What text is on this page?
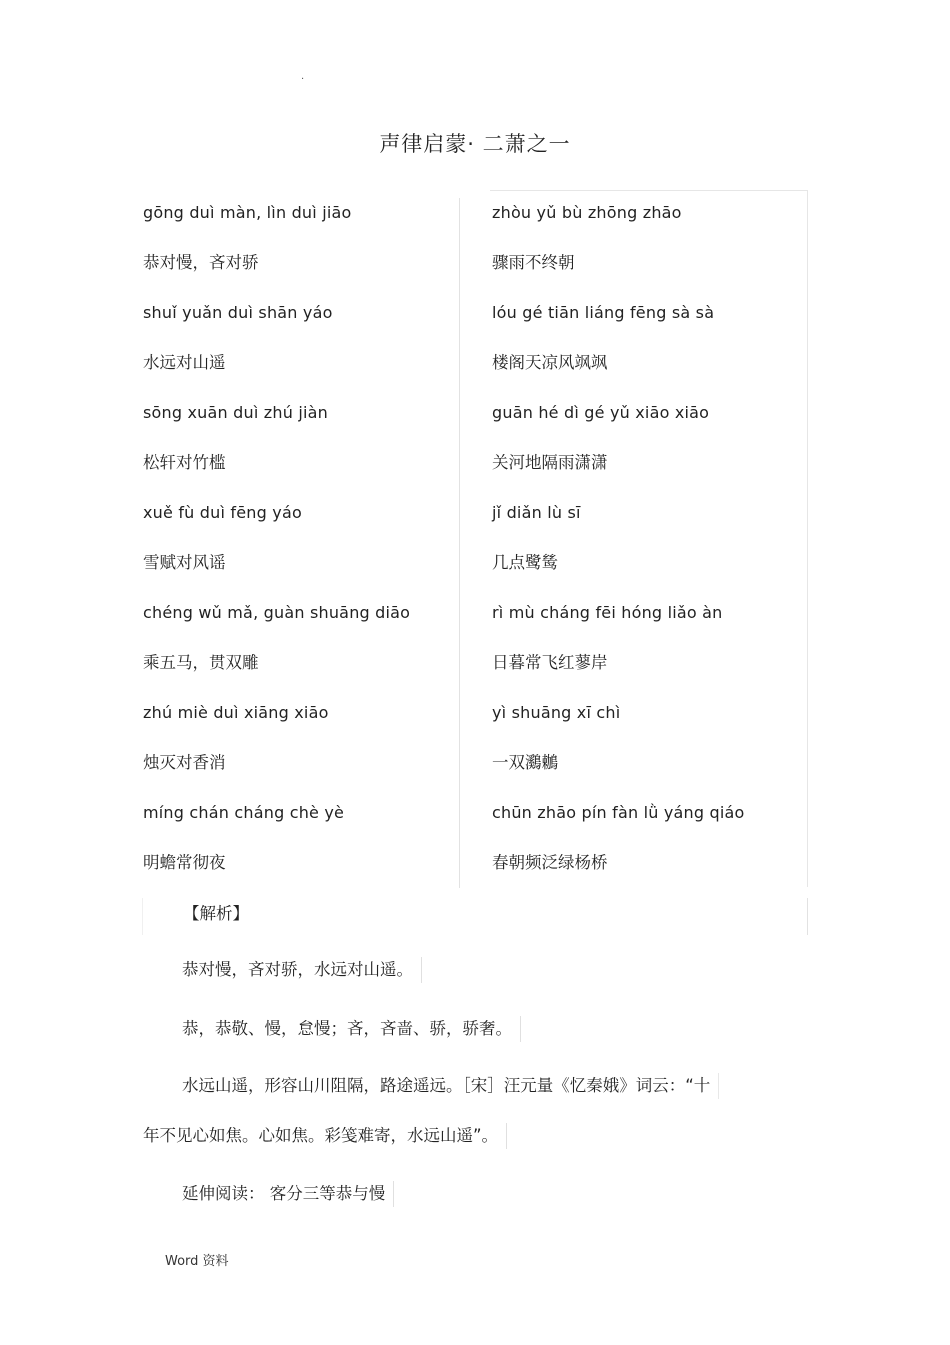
·
声律启蒙· 二萧之一
gōng duì màn, lìn duì jiāo
恭对慢，吝对骄
shuǐ yuǎn duì shān yáo
水远对山遥
sōng xuān duì zhú jiàn
松轩对竹槛
xuě fù duì fēng yáo
雪赋对风谣
chéng wǔ mǎ, guàn shuāng diāo
乘五马，贯双雕
zhú miè duì xiāng xiāo
烛灭对香消
míng chán cháng chè yè
明蟾常彻夜
zhòu yǔ bù zhōng zhāo
骤雨不终朝
lóu gé tiān liáng fēng sà sà
楼阁天凉风飒飒
guān hé dì gé yǔ xiāo xiāo
关河地隔雨潇潇
jǐ diǎn lù sī
几点鹭鸶
rì mù cháng fēi hóng liǎo àn
日暮常飞红蓼岸
yì shuāng xī chì
一双鸂鶒
chūn zhāo pín fàn lǜ yáng qiáo
春朝频泛绿杨桥
【解析】
恭对慢，吝对骄，水远对山遥。
恭，恭敬、慢，怠慢；吝，吝啬、骄，骄奢。
水远山遥，形容山川阻隔，路途遥远。［宋］汪元量《忆秦娥》词云：“十
年不见心如焦。心如焦。彩笺难寄，水远山遥”。
延伸阅读： 客分三等恭与慢
Word 资料
